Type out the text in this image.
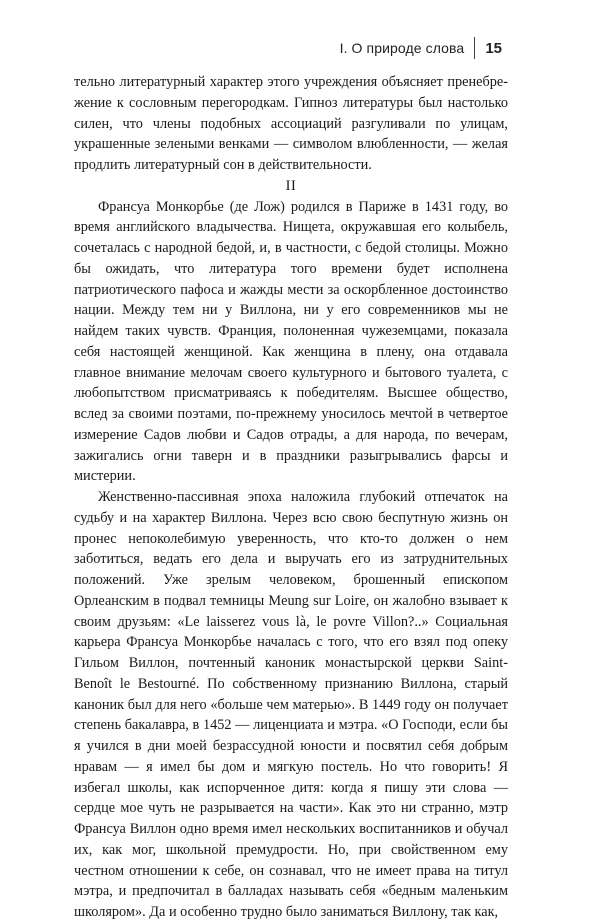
I. О природе слова	15

тельно литературный характер этого учреждения объясняет пренебрежение к сословным перегородкам. Гипноз литературы был настолько силен, что члены подобных ассоциаций разгуливали по улицам, украшенные зелеными венками — символом влюбленности, — желая продлить литературный сон в действительности.

II

Франсуа Монкорбье (де Лож) родился в Париже в 1431 году, во время английского владычества. Нищета, окружавшая его колыбель, сочеталась с народной бедой, и, в частности, с бедой столицы. Можно бы ожидать, что литература того времени будет исполнена патриотического пафоса и жажды мести за оскорбленное достоинство нации. Между тем ни у Виллона, ни у его современников мы не найдем таких чувств. Франция, полоненная чужеземцами, показала себя настоящей женщиной. Как женщина в плену, она отдавала главное внимание мелочам своего культурного и бытового туалета, с любопытством присматриваясь к победителям. Высшее общество, вслед за своими поэтами, по-прежнему уносилось мечтой в четвертое измерение Садов любви и Садов отрады, а для народа, по вечерам, зажигались огни таверн и в праздники разыгрывались фарсы и мистерии.

Женственно-пассивная эпоха наложила глубокий отпечаток на судьбу и на характер Виллона. Через всю свою беспутную жизнь он пронес непоколебимую уверенность, что кто-то должен о нем заботиться, ведать его дела и выручать его из затруднительных положений. Уже зрелым человеком, брошенный епископом Орлеанским в подвал темницы Meung sur Loire, он жалобно взывает к своим друзьям: «Le laisserez vous là, le povre Villon?..» Социальная карьера Франсуа Монкорбье началась с того, что его взял под опеку Гильом Виллон, почтенный каноник монастырской церкви Saint-Benoît le Bestourné. По собственному признанию Виллона, старый каноник был для него «больше чем матерью». В 1449 году он получает степень бакалавра, в 1452 — лиценциата и мэтра. «О Господи, если бы я учился в дни моей безрассудной юности и посвятил себя добрым нравам — я имел бы дом и мягкую постель. Но что говорить! Я избегал школы, как испорченное дитя: когда я пишу эти слова — сердце мое чуть не разрывается на части». Как это ни странно, мэтр Франсуа Виллон одно время имел нескольких воспитанников и обучал их, как мог, школьной премудрости. Но, при свойственном ему честном отношении к себе, он сознавал, что не имеет права на титул мэтра, и предпочитал в балладах называть себя «бедным маленьким школяром». Да и особенно трудно было заниматься Виллону, так как,
